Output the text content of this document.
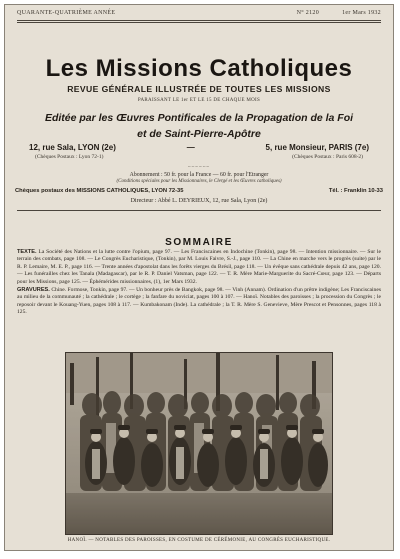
QUARANTE-QUATRIÈME ANNÉE	N° 2120	1er Mars 1932
Les Missions Catholiques
REVUE GÉNÉRALE ILLUSTRÉE DE TOUTES LES MISSIONS
PARAISSANT LE 1er ET LE 15 DE CHAQUE MOIS
Editée par les Œuvres Pontificales de la Propagation de la Foi
et de Saint-Pierre-Apôtre
12, rue Sala, LYON (2e)	—	5, rue Monsieur, PARIS (7e)
(Chèques Postaux : Lyon 72-1)	(Chèques Postaux : Paris 608-2)
~~~~~~
Abonnement : 50 fr. pour la France — 60 fr. pour l'Etranger
(Conditions spéciales pour les Missionnaires, le Clergé et les Œuvres catholiques)
Chèques postaux des MISSIONS CATHOLIQUES, LYON 72-35	Tél. : Franklin 10-33
Directeur : Abbé L. DEYRIEUX, 12, rue Sala, Lyon (2e)
SOMMAIRE

TEXTE. La Société des Nations et la lutte contre l'opium, page 97. — Les Franciscaines en Indochine (Tonkin), page 98. — Intention missionnaire. — Sur le terrain des combats, page 108. — Le Congrès Eucharistique, (Tonkin), par M. Louis Faivre, S.-J., page 110. — La Chine en marche vers le progrès (suite) par le R. P. Lemaire, M. E. P., page 116. — Trente années d'apostolat dans les forêts vierges du Brésil, page 118. — Un évêque sans cathédrale depuis 42 ans, page 120. — Les funérailles chez les Tanala (Madagascar), par le R. P. Daniel Vatsman, page 122. — T. R. Mère Marie-Marguerite du Sacré-Cœur, page 123. — Départs pour les Missions, page 125. — Éphémérides missionnaires, (1), 1er Mars 1932.

GRAVURES. Chine. Formose, Tonkin, page 97. — Un bonheur près de Bangkok, page 98. — Vinh (Annam). Ordination d'un prêtre indigène; Les Franciscaines au milieu de la communauté ; la cathédrale ; le cortège ; la fanfare du noviciat, pages 100 à 107. — Hanoï. Notables des paroisses ; la procession du Congrès ; le reposoir devant le Kouang-Yuen, pages 108 à 117. — Kumbakonam (Inde). La cathédrale ; la T. R. Mère S. Genevieve, Mère Prescot et Pensonnes, pages 118 à 125.

HANOÏ. — NOTABLES DES PAROISSES, EN COSTUME DE CÉRÉMONIE, AU CONGRÈS EUCHARISTIQUE.
